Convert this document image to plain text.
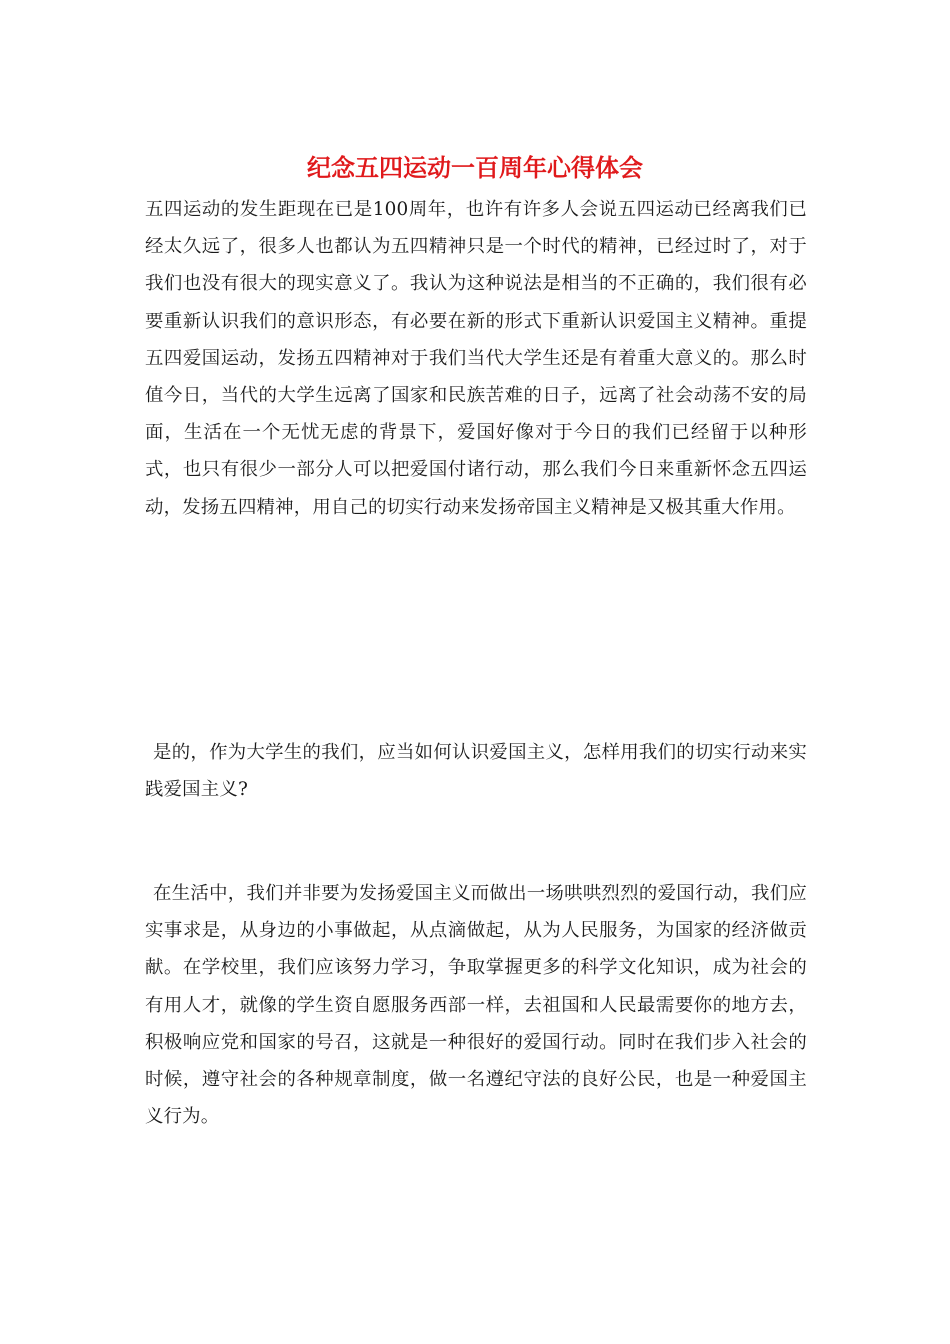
纪念五四运动一百周年心得体会

五四运动的发生距现在已是100周年，也许有许多人会说五四运动已经离我们已经太久远了，很多人也都认为五四精神只是一个时代的精神，已经过时了，对于我们也没有很大的现实意义了。我认为这种说法是相当的不正确的，我们很有必要重新认识我们的意识形态，有必要在新的形式下重新认识爱国主义精神。重提五四爱国运动，发扬五四精神对于我们当代大学生还是有着重大意义的。那么时值今日，当代的大学生远离了国家和民族苦难的日子，远离了社会动荡不安的局面，生活在一个无忧无虑的背景下，爱国好像对于今日的我们已经留于以种形式，也只有很少一部分人可以把爱国付诸行动，那么我们今日来重新怀念五四运动，发扬五四精神，用自己的切实行动来发扬帝国主义精神是又极其重大作用。

是的，作为大学生的我们，应当如何认识爱国主义，怎样用我们的切实行动来实践爱国主义?

在生活中，我们并非要为发扬爱国主义而做出一场哄哄烈烈的爱国行动，我们应实事求是，从身边的小事做起，从点滴做起，从为人民服务，为国家的经济做贡献。在学校里，我们应该努力学习，争取掌握更多的科学文化知识，成为社会的有用人才，就像的学生资自愿服务西部一样，去祖国和人民最需要你的地方去，积极响应党和国家的号召，这就是一种很好的爱国行动。同时在我们步入社会的时候，遵守社会的各种规章制度，做一名遵纪守法的良好公民，也是一种爱国主义行为。
